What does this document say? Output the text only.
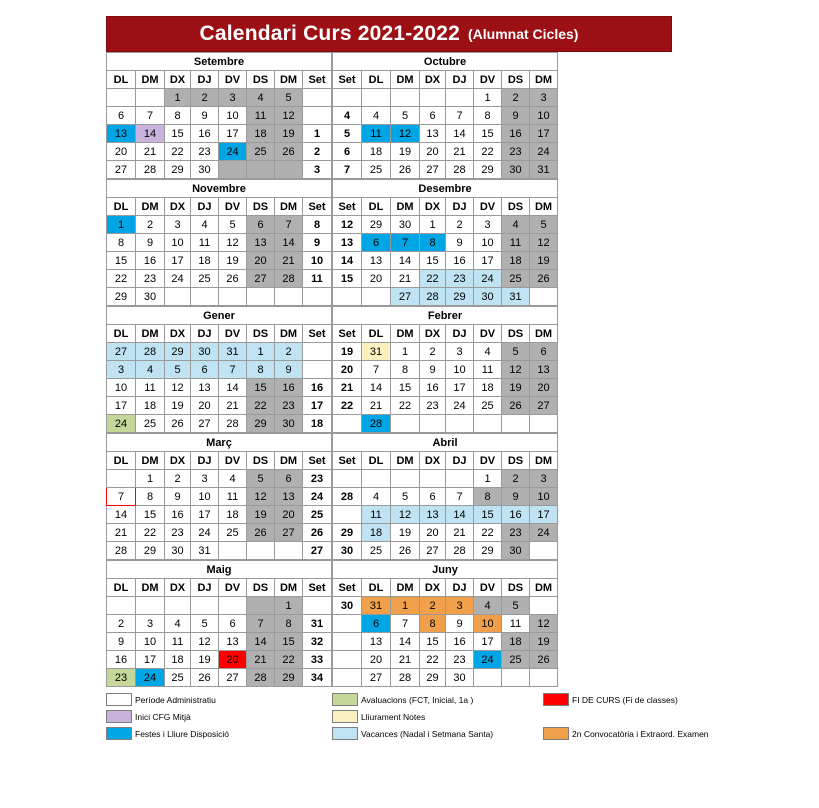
Calendari Curs 2021-2022 (Alumnat Cicles)
Setembre							
DL	DM	DX	DJ	DV	DS	DM	Set
		1	2	3	4	5	
6	7	8	9	10	11	12	
13	14	15	16	17	18	19	1
20	21	22	23	24	25	26	2
27	28	29	30				3
Octubre							
Set	DL	DM	DX	DJ	DV	DS	DM
					1	2	3
4	4	5	6	7	8	9	10
5	11	12	13	14	15	16	17
6	18	19	20	21	22	23	24
7	25	26	27	28	29	30	31
Novembre							
DL	DM	DX	DJ	DV	DS	DM	Set
1	2	3	4	5	6	7	8
8	9	10	11	12	13	14	9
15	16	17	18	19	20	21	10
22	23	24	25	26	27	28	11
29	30						
Desembre							
Set	DL	DM	DX	DJ	DV	DS	DM
12	29	30	1	2	3	4	5
13	6	7	8	9	10	11	12
14	13	14	15	16	17	18	19
15	20	21	22	23	24	25	26
		27	28	29	30	31	
Gener							
DL	DM	DX	DJ	DV	DS	DM	Set
27	28	29	30	31	1	2	
3	4	5	6	7	8	9	
10	11	12	13	14	15	16	16
17	18	19	20	21	22	23	17
24	25	26	27	28	29	30	18
Febrer							
Set	DL	DM	DX	DJ	DV	DS	DM
19	31	1	2	3	4	5	6
20	7	8	9	10	11	12	13
21	14	15	16	17	18	19	20
22	21	22	23	24	25	26	27
	28						
Març							
DL	DM	DX	DJ	DV	DS	DM	Set
	1	2	3	4	5	6	23
7	8	9	10	11	12	13	24
14	15	16	17	18	19	20	25
21	22	23	24	25	26	27	26
28	29	30	31				27
Abril							
Set	DL	DM	DX	DJ	DV	DS	DM
					1	2	3
28	4	5	6	7	8	9	10
	11	12	13	14	15	16	17
29	18	19	20	21	22	23	24
30	25	26	27	28	29	30	
Maig							
DL	DM	DX	DJ	DV	DS	DM	Set
						1	
2	3	4	5	6	7	8	31
9	10	11	12	13	14	15	32
16	17	18	19	20	21	22	33
23	24	25	26	27	28	29	34
Juny							
Set	DL	DM	DX	DJ	DV	DS	DM
30	31	1	2	3	4	5	
	6	7	8	9	10	11	12
	13	14	15	16	17	18	19
	20	21	22	23	24	25	26
	27	28	29	30			
Període Administratiu	Avaluacions (FCT, Inicial, 1a )	FI DE CURS (Fi de classes)
Inici CFG Mitjà	Lliurament Notes
Festes i Lliure Disposició	Vacances (Nadal i Setmana Santa)	2n Convocatòria i Extraord. Examen
